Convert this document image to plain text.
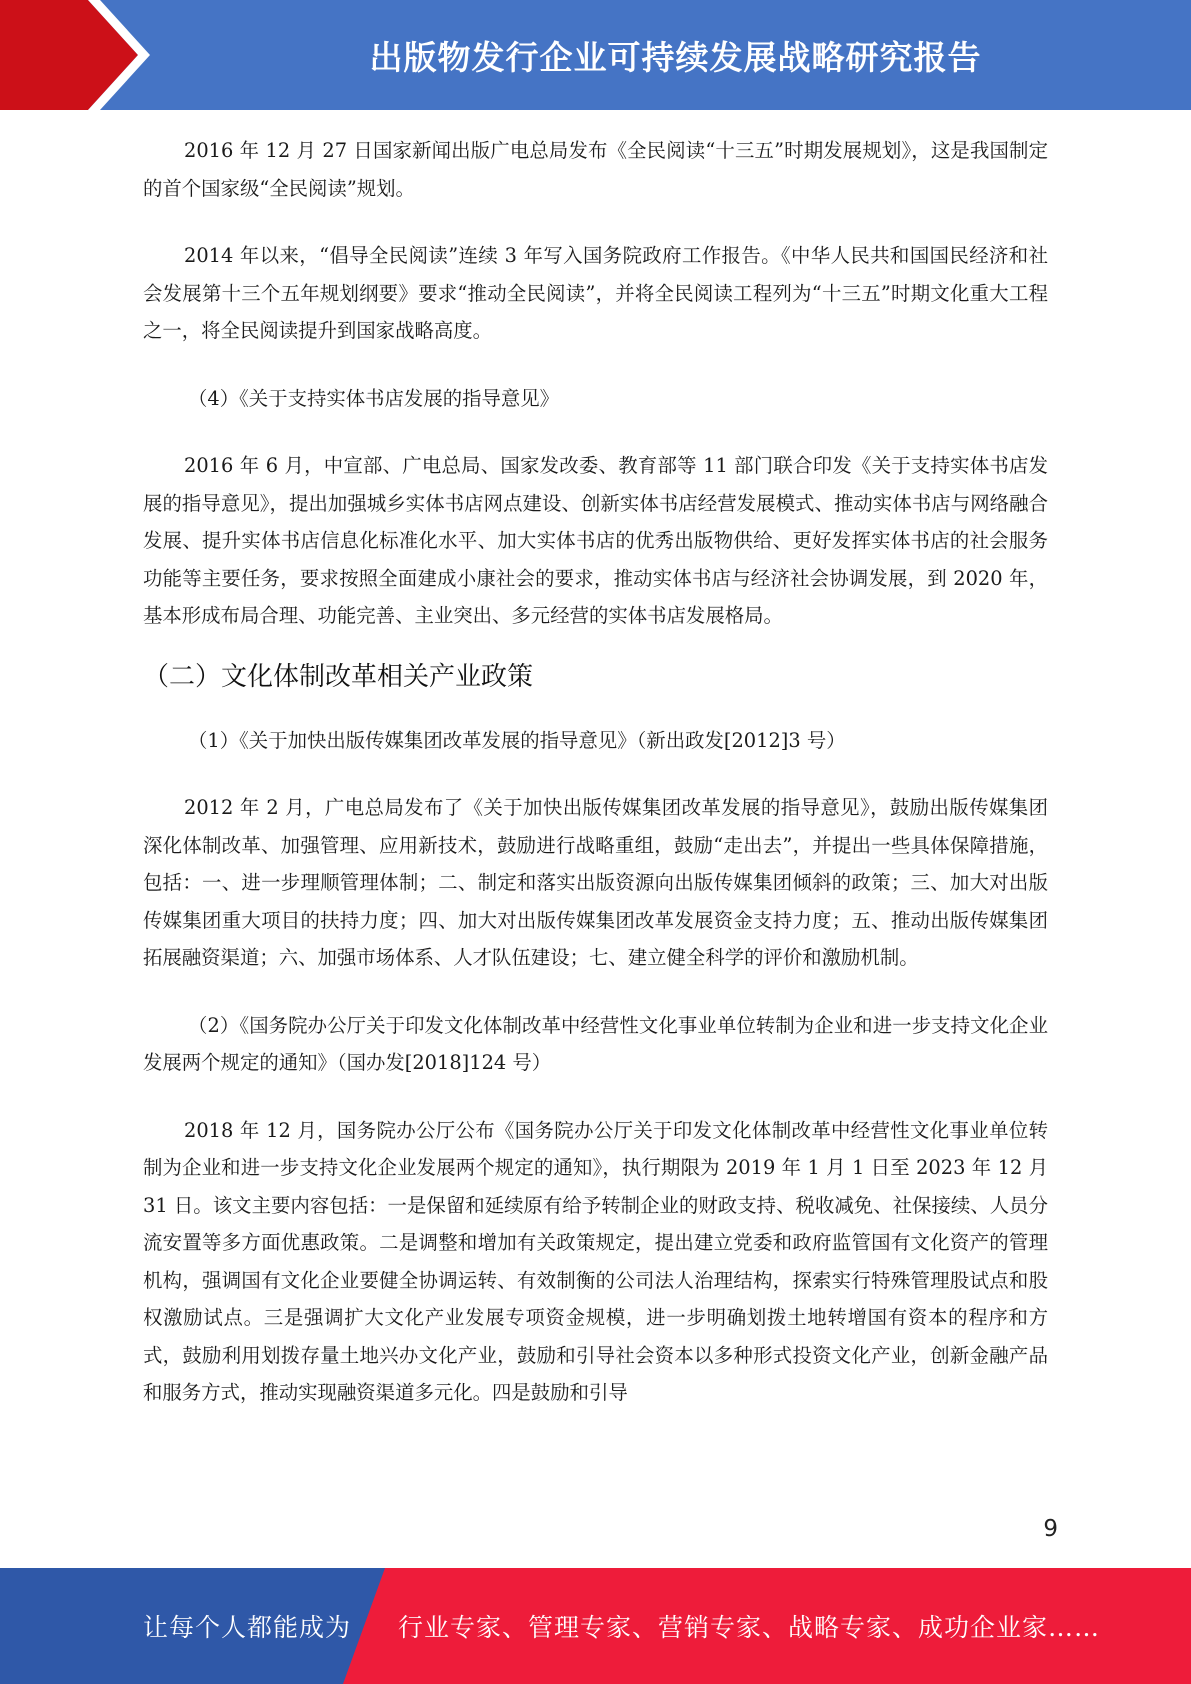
出版物发行企业可持续发展战略研究报告

2016 年 12 月 27 日国家新闻出版广电总局发布《全民阅读“十三五”时期发展规划》，这是我国制定的首个国家级“全民阅读”规划。

2014 年以来，“倡导全民阅读”连续 3 年写入国务院政府工作报告。《中华人民共和国国民经济和社会发展第十三个五年规划纲要》要求“推动全民阅读”，并将全民阅读工程列为“十三五”时期文化重大工程之一，将全民阅读提升到国家战略高度。

（4）《关于支持实体书店发展的指导意见》

2016 年 6 月，中宣部、广电总局、国家发改委、教育部等 11 部门联合印发《关于支持实体书店发展的指导意见》，提出加强城乡实体书店网点建设、创新实体书店经营发展模式、推动实体书店与网络融合发展、提升实体书店信息化标准化水平、加大实体书店的优秀出版物供给、更好发挥实体书店的社会服务功能等主要任务，要求按照全面建成小康社会的要求，推动实体书店与经济社会协调发展，到 2020 年，基本形成布局合理、功能完善、主业突出、多元经营的实体书店发展格局。

（二）文化体制改革相关产业政策

（1）《关于加快出版传媒集团改革发展的指导意见》（新出政发[2012]3 号）

2012 年 2 月，广电总局发布了《关于加快出版传媒集团改革发展的指导意见》，鼓励出版传媒集团深化体制改革、加强管理、应用新技术，鼓励进行战略重组，鼓励“走出去”，并提出一些具体保障措施，包括：一、进一步理顺管理体制；二、制定和落实出版资源向出版传媒集团倾斜的政策；三、加大对出版传媒集团重大项目的扶持力度；四、加大对出版传媒集团改革发展资金支持力度；五、推动出版传媒集团拓展融资渠道；六、加强市场体系、人才队伍建设；七、建立健全科学的评价和激励机制。

（2）《国务院办公厅关于印发文化体制改革中经营性文化事业单位转制为企业和进一步支持文化企业发展两个规定的通知》（国办发[2018]124 号）

2018 年 12 月，国务院办公厅公布《国务院办公厅关于印发文化体制改革中经营性文化事业单位转制为企业和进一步支持文化企业发展两个规定的通知》，执行期限为 2019 年 1 月 1 日至 2023 年 12 月 31 日。该文主要内容包括：一是保留和延续原有给予转制企业的财政支持、税收减免、社保接续、人员分流安置等多方面优惠政策。二是调整和增加有关政策规定，提出建立党委和政府监管国有文化资产的管理机构，强调国有文化企业要健全协调运转、有效制衡的公司法人治理结构，探索实行特殊管理股试点和股权激励试点。三是强调扩大文化产业发展专项资金规模，进一步明确划拨土地转增国有资本的程序和方式，鼓励利用划拨存量土地兴办文化产业，鼓励和引导社会资本以多种形式投资文化产业，创新金融产品和服务方式，推动实现融资渠道多元化。四是鼓励和引导

9
让每个人都能成为 行业专家、管理专家、营销专家、战略专家、成功企业家……
